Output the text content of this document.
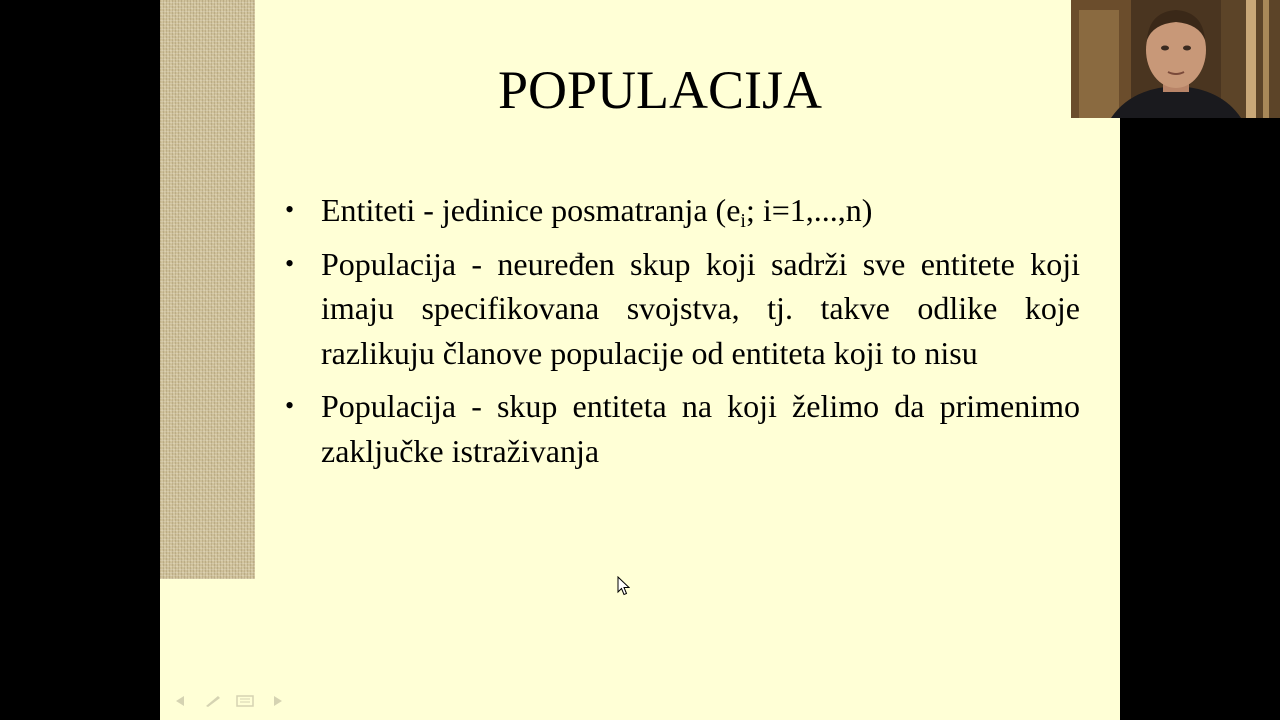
POPULACIJA
• Entiteti - jedinice posmatranja ($e_i$; i=1,...,n)
• Populacija - neuređen skup koji sadrži sve entitete koji imaju specifikovana svojstva, tj. takve odlike koje razlikuju članove populacije od entiteta koji to nisu
• Populacija - skup entiteta na koji želimo da primenimo zaključke istraživanja
